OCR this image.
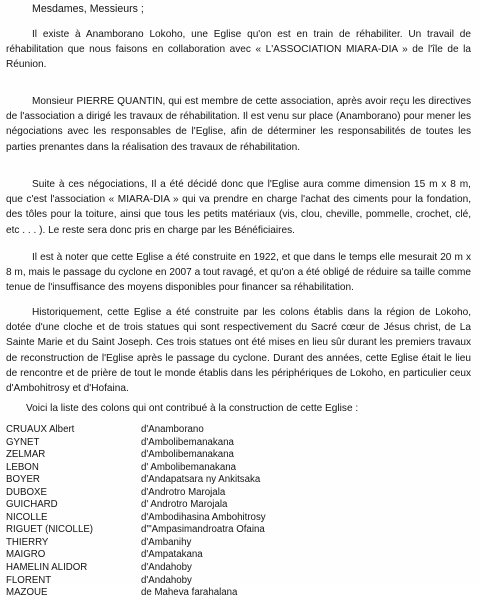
Mesdames, Messieurs ;

Il existe à Anamborano Lokoho, une Eglise qu'on est en train de réhabiliter. Un travail de réhabilitation que nous faisons en collaboration avec « L'ASSOCIATION MIARA-DIA » de l'île de la Réunion.

Monsieur PIERRE QUANTIN, qui est membre de cette association, après avoir reçu les directives de l'association a dirigé les travaux de réhabilitation. Il est venu sur place (Anamborano) pour mener les négociations avec les responsables de l'Eglise, afin de déterminer les responsabilités de toutes les parties prenantes dans la réalisation des travaux de réhabilitation.

Suite à ces négociations, Il a été décidé donc que l'Eglise aura comme dimension 15 m x 8 m, que c'est l'association « MIARA-DIA » qui va prendre en charge l'achat des ciments pour la fondation, des tôles pour la toiture, ainsi que tous les petits matériaux (vis, clou, cheville, pommelle, crochet, clé, etc . . . ). Le reste sera donc pris en charge par les Bénéficiaires.

Il est à noter que cette Eglise a été construite en 1922, et que dans le temps elle mesurait 20 m x 8 m, mais le passage du cyclone en 2007 a tout ravagé, et qu'on a été obligé de réduire sa taille comme tenue de l'insuffisance des moyens disponibles pour financer sa réhabilitation.

Historiquement, cette Eglise a été construite par les colons établis dans la région de Lokoho, dotée d'une cloche et de trois statues qui sont respectivement du Sacré cœur de Jésus christ, de La Sainte Marie et du Saint Joseph. Ces trois statues ont été mises en lieu sûr durant les premiers travaux de reconstruction de l'Eglise après le passage du cyclone. Durant des années, cette Eglise était le lieu de rencontre et de prière de tout le monde établis dans les périphériques de Lokoho, en particulier ceux d'Ambohitrosy et d'Hofaina.

Voici la liste des colons qui ont contribué à la construction de cette Eglise :

CRUAUX Albert	d'Anamborano
GYNET	d'Ambolibemanakana
ZELMAR	d'Ambolibemanakana
LEBON	d' Ambolibemanakana
BOYER	d'Andapatsara ny Ankitsaka
DUBOXE	d'Androtro Marojala
GUICHARD	d' Androtro Marojala
NICOLLE	d'Ambodihasina Ambohitrosy
RIGUET (NICOLLE)	d'"Ampasimandroatra Ofaina
THIERRY	d'Ambanihy
MAIGRO	d'Ampatakana
HAMELIN ALIDOR	d'Andahoby
FLORENT	d'Andahoby
MAZOUE	de Maheva farahalana
